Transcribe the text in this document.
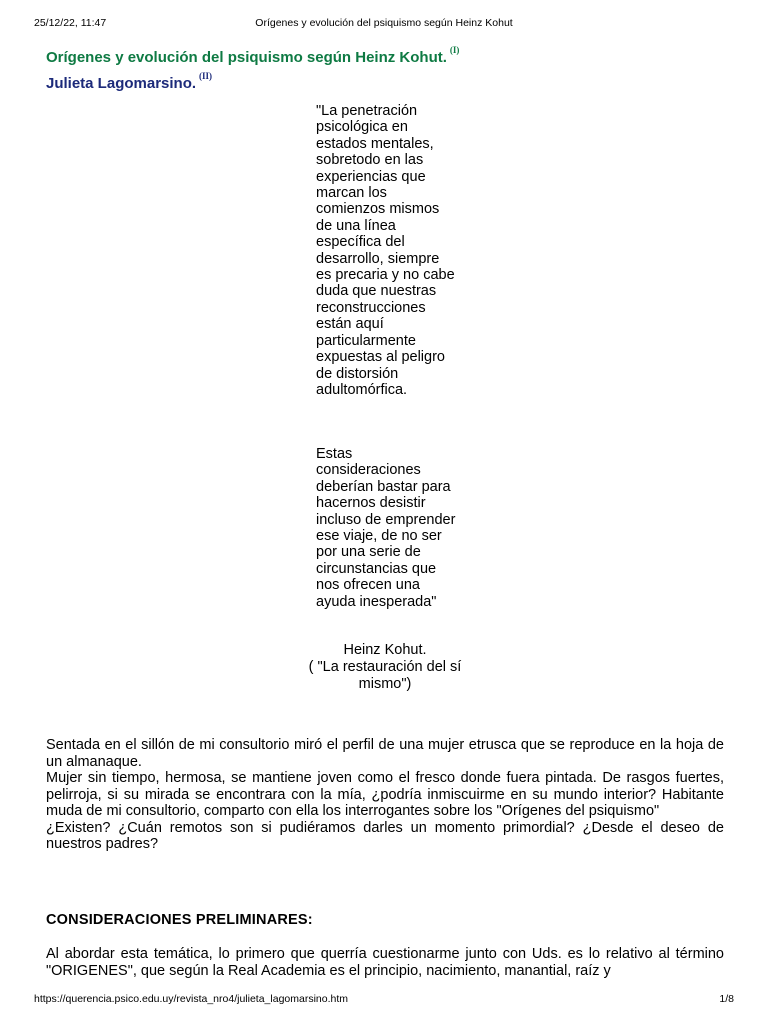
25/12/22, 11:47	Orígenes y evolución del psiquismo según Heinz Kohut
Orígenes y evolución del psiquismo según Heinz Kohut. $^{(I)}$
Julieta Lagomarsino. $^{(II)}$

"La penetración psicológica en estados mentales, sobretodo en las experiencias que marcan los comienzos mismos de una línea específica del desarrollo, siempre es precaria y no cabe duda que nuestras reconstrucciones están aquí particularmente expuestas al peligro de distorsión adultomórfica.

Estas consideraciones deberían bastar para hacernos desistir incluso de emprender ese viaje, de no ser por una serie de circunstancias que nos ofrecen una ayuda inesperada"

Heinz Kohut.
( "La restauración del sí
mismo")

Sentada en el sillón de mi consultorio miró el perfil de una mujer etrusca que se reproduce en la hoja de un almanaque.

Mujer sin tiempo, hermosa, se mantiene joven como el fresco donde fuera pintada. De rasgos fuertes, pelirroja, si su mirada se encontrara con la mía, ¿podría inmiscuirme en su mundo interior? Habitante muda de mi consultorio, comparto con ella los interrogantes sobre los "Orígenes del psiquismo"

¿Existen? ¿Cuán remotos son si pudiéramos darles un momento primordial? ¿Desde el deseo de nuestros padres?

CONSIDERACIONES PRELIMINARES:

Al abordar esta temática, lo primero que querría cuestionarme junto con Uds. es lo relativo al término "ORIGENES", que según la Real Academia es el principio, nacimiento, manantial, raíz y

https://querencia.psico.edu.uy/revista_nro4/julieta_lagomarsino.htm	1/8
